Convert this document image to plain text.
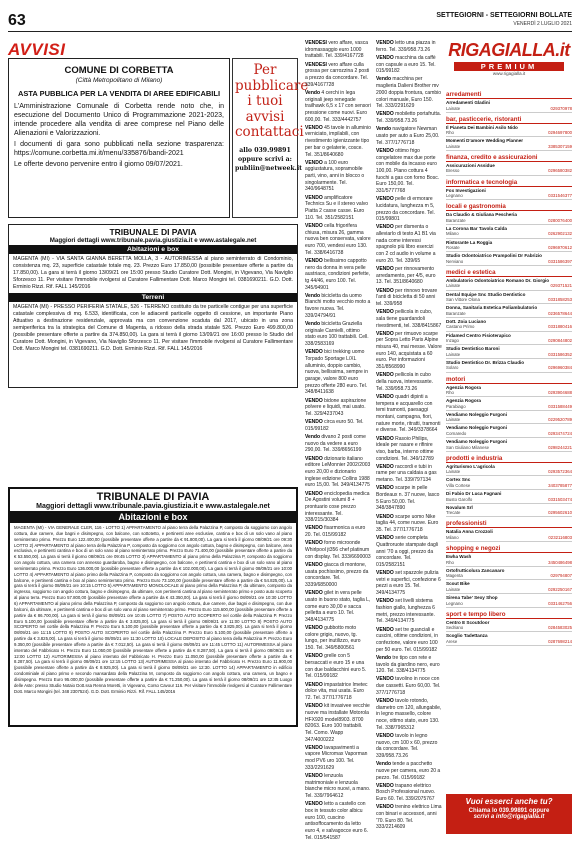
63	SETTEGIORNI - SETTEGIORNI BOLLATE
VENERDÌ 2 LUGLIO 2021
AVVISI
COMUNE DI CORBETTA
(Città Metropolitano di Milano)
ASTA PUBBLICA PER LA VENDITA DI AREE EDIFICABILI

L'Amministrazione Comunale di Corbetta rende noto che, in esecuzione del Documento Unico di Programmazione 2021-2023, intende procedere alla vendita di aree comprese nel Piano delle Alienazioni e Valorizzazioni.

I documenti di gara sono pubblicati nella sezione trasparenza: https://comune.corbetta.mi.it/menu/335876/bandi-2021

Le offerte devono pervenire entro il giorno 09/07/2021.

Per pubblicare i tuoi avvisi contattaci
allo 039.99891
oppure scrivi a:
publiin@netweek.it
TRIBUNALE DI PAVIA
Maggiori dettagli www.tribunale.pavia.giustizia.it e www.astalegale.net
Abitazioni e box
MAGENTA (MI) - VIA SANTA GIANNA BERETTA MOLLA, 3 - AUTORIMESSA al piano seminterrato di Condominio, consistenza mq. 23, superficie catastale totale mq. 23. Prezzo Euro 17.850,00 (possibile presentare offerte a partire da 17.850,00). La gara si terrà il giorno 13/09/21 ore 15:00 presso Studio Curatore Dott. Mongini, in Vigevano, Via Naviglio Sforzesco 11. Per visitare l'immobile rivolgersi al Curatore Fallimentare Dott. Marco Mongini tel. 0381690211. G.D. Dott. Erminio Rizzi. Rif. FALL 145/2016
Terreni
MAGENTA (MI) - PRESSO PERIFERIA STATALE, 526 - TERRENO costituito da tre particelle contigue per una superficie catastale complessiva di mq. 6.533, identificata, con le adiacenti particelle oggetto di cessione, un importante Piano Attuativo a destinazione residenziale, approvata ma con convenzione scaduta dal 2017, ubicato in una zona semiperiferica tra la strategica del Comune di Magenta, a ridosso della strada statale 526. Prezzo Euro 499.800,00 (possibile presentare offerte a partire da 374.850,00). La gara si terrà il giorno 13/09/21 ore 16:00 presso lo Studio del Curatore Dott. Mongini, in Vigevano, Via Naviglio Sforzesco 11. Per visitare l'immobile rivolgersi al Curatore Fallimentare Dott. Marco Mongini tel. 0381690211. G.D. Dott. Erminio Rizzi. Rif. FALL 145/2016
TRIBUNALE DI PAVIA
Maggiori dettagli www.tribunale.pavia.giustizia.it e www.astalegale.net
Abitazioni e box
MAGENTA (MI) - VIA GENERALE CLER, 116 - LOTTO 1) APPARTAMENTO al piano terra della Palazzina P, composto da soggiorno con angolo cottura, due camere, due bagni e disimpegno, con balcone, con sottotetto, e pertinenti aree esclusive, cantina e box di un solo vano al piano seminterrato primo. Prezzo Euro 122.400,00 (possibile presentare offerte a partire da € 91.800,00). La gara si terrà il giorno 08/09/21 ore 09:30 LOTTO 2) APPARTAMENTO al piano terra della Palazzina P, composto da soggiorno con angolo cottura, bagno e disimpegno, con balcone, area esclusiva, e pertinenti cantina e box di un solo vano al piano seminterrato primo. Prezzo Euro 71.400,00 (possibile presentare offerte a partire da € 53.550,00). La gara si terrà il giorno 08/09/21 ore 09:45 LOTTO 3) APPARTAMENTO al piano primo della Palazzina P, composto da soggiorno con angolo cottura, una camera con annesso guardaroba, bagno e disimpegno, con balcone, e pertinenti cantina e box di un solo vano al piano seminterrato primo. Prezzo Euro 136.000,00 (possibile presentare offerte a partire da € 102.000,00). La gara si terrà il giorno 08/09/21 ore 10:00 LOTTO 4) APPARTAMENTO al piano primo della Palazzina P, composto da soggiorno con angolo cottura, una camera, bagno e disimpegno, con balcone, e pertinenti cantina e box al piano seminterrato primo. Prezzo Euro 73.100,00 (possibile presentare offerte a partire da € 54.825,00). La gara si terrà il giorno 08/09/21 ore 10:15 LOTTO 5) APPARTAMENTO MONOLOCALE al piano primo della Palazzina P, da ultimare, composto da ingresso, soggiorno con angolo cottura, bagno e disimpegno, da ultimare, con pertinenti cantina al piano seminterrato primo e posto auto scoperto al piano terra. Prezzo Euro 57.800,00 (possibile presentare offerte a partire da € 43.350,00). La gara si terrà il giorno 08/09/21 ore 10:30 LOTTO 6) APPARTAMENTO al piano primo della Palazzina P, composto da soggiorno con angolo cottura, due camere, due bagni e disimpegno, con due balconi, da ultimare, e pertinenti cantina e box di un solo vano al piano seminterrato primo. Prezzo Euro 115.600,00 (possibile presentare offerte a partire da € 86.700,00). La gara si terrà il giorno 08/09/21 ore 10:45 LOTTO 7) POSTO AUTO SCOPERTO nel cortile della Palazzina P. Prezzo Euro 5.100,00 (possibile presentare offerte a partire da € 3.825,00). La gara si terrà il giorno 08/09/21 ore 11:00 LOTTO 8) POSTO AUTO SCOPERTO nel cortile della Palazzina P. Prezzo Euro 5.100,00 (possibile presentare offerte a partire da € 3.825,00). La gara si terrà il giorno 08/09/21 ore 11:15 LOTTO 9) POSTO AUTO SCOPERTO nel cortile della Palazzina P. Prezzo Euro 5.100,00 (possibile presentare offerte a partire da € 3.825,00). La gara si terrà il giorno 08/09/21 ore 11:30 LOTTO 10) LOCALE DEPOSITO al piano terra della Palazzina P. Prezzo Euro 9.350,00 (possibile presentare offerte a partire da € 7.012,50). La gara si terrà il giorno 08/09/21 ore 11:45 LOTTO 11) AUTORIMESSA al piano interrato del Fabbricato H. Prezzo Euro 11.050,00 (possibile presentare offerte a partire da € 8.287,50). La gara si terrà il giorno 08/09/21 ore 12:00 LOTTO 12) AUTORIMESSA al piano interrato del Fabbricato H. Prezzo Euro 11.050,00 (possibile presentare offerte a partire da € 8.287,50). La gara si terrà il giorno 08/09/21 ore 12:15 LOTTO 13) AUTORIMESSA al piano interrato del Fabbricato H. Prezzo Euro 11.900,00 (possibile presentare offerte a partire da € 8.925,00). La gara si terrà il giorno 08/09/21 ore 12:30. LOTTO 14) APPARTAMENTO in edificio condominiale al piano primo e secondo mansardato della Palazzina M, composto da soggiorno con angolo cottura, una camera, un bagno e disimpegno. Prezzo Euro 95.000,00 (possibile presentare offerte a partire da € 71.250,00). La gara si terrà il giorno 08/09/21 ore 12:45 Luogo delle Aste: presso Studio Notaio Dott.ssa Renna Moretti, in Vigevano, Corso Cavour 116. Per visitare l'immobile rivolgersi al Curatore Fallimentare Dott. Marco Mongini (tel. 348 2307524). G.D. Dott. Erminio Rizzi. Rif. FALL 145/2016

VENDESI vero affare, vasca idromassaggio euro 1000 trattabili. Tel. 339/4167728

VENDESI vero affare culla grossa per carrozzina 2 posti a prezzo da concordare. Tel. 339/4167728

Vendo 4 cerchi in lega originali jeep renegade trailhawk 6,5 x 17 con sensori pressione come nuovi. Euro 600,00. Tel. 333/4442757

VENDO 45 tavole in alluminio verniciato, impilabili, con rivestimento igienizzante tipo per bar o gelaterie, cosce. Tel. 351/8640680

VENDO a 100 euro aggiustatura, sopramobile parti, vino, anni in blocco o singolarmente. Tel. 340/9648751

VENDO amplificatore Technics Su e il stereo valvo Piatta 2 casse casse. Euro 110. Tel. 351/2582151

VENDO cella frigorifera chiusa, misura 26, gamma nuova ben conservata, valore euro 700, vendesi euro 130. Tel. 338/6416738

VENDO bellissimo cappotto nero da donna in vera pelle austriaco, condizioni perfette, tg 44/46, euro 100. Tel. 345/94901

Vendo bicicletta da uomo Bianchi motto vecchio moto a favore nuova. Tel. 339/24794/91

Vendo bicicletta Graziella originale Carnielli, ottimo stato euro 100 trattabili. Cell. 338/2583169

VENDO bici trekking uomo Torpado Sportage L/XL alluminio, doppio cambio, nuova, bellissima, sempre in garage, valore 800 euro prezzo offerte 280 euro. Tel. 348/8411638

VENDO bidone aspirazione polvere e liquidi, mai usato. Tel. 329/4237043

VENDO circa euro 50. Tel. 015/99182

Vendo divano 2 posti come nuovo da vedere a euro 290,00. Tel. 339/8656199

VENDO dizionario italiano editore LeMonnier 2002/2003 euro 20,00 e dizionario inglese edizione Collins 1988 euro 15,00. Tel. 349/4134775

VENDO enciclopedia medica De Agostini volumi 8 + prontuario cose prezzo interessante. Tel. 338/215/30384

VENDO fisarmonica a euro 20. Tel. 015/99182

VENDO forno microonde Whirlpool jt356 chef platinum con display. Tel. 333/6690003

VENDO giacca di montone, usata pochissimo, prezzo da concordare. Tel. 3339/6850000

VENDO gilet in vera pelle usato in buono stato, taglia L, come euro 30,00 e sacca pelletta a euro 10. Tel. 348/4134775

VENDO gubbotto moto colore grigio, nuovo, tg. lungo, per inutilizzo, euro 150. Tel. 349/5800561

VENDO grelle con 5 bersaccati e euro 15 e una con due baldacchini euro 5. Tel. 015/99182

VENDO impastatrice Imetec dolce vita, mai usata. Euro 72. Tel. 377/1776718

VENDO kit invasivee vecchie nuove ma installate Motorola HFX920 model8903. 8700 82063. Euro 100 trattabili. Tel. Como. Wapp 347/4000222

VENDO lavapavimenti a vapore Micromax Vaporman mod PV6 uro 100. Tel. 333/2291629

VENDO lenzuola matrimoniale e lenzuola bianche micro nuovi, a mano. Tel. 339/7964612

VENDO letto a castello con box in tessuto color albicu euro 100, cuscino antisoffocamento da letto euro 4, e salvagocce euro 6. Tel. 015/541587

VENDO letto una piazza in ferro. Tel. 339/958.73.26

VENDO macchina da caffè con capsule a euro 15. Tel. 015/99182

Vendo macchina per maglieria Dalieni Brother mv 2000 doppia frontura, cambio colori manuale, Euro 150. Tel. 333/2291629

VENDO mobiletto portafrutta. Tel. 339/958.73.26

Vendo navigatore Newman usato per auto a Euro 25,00. Tel. 377/1776718

VENDO ottimo frigo congelatore max due porte con mobile da incasso euro 100,00. Piano cottura 4 fuochi a gas con forno Bosc. Euro 150,00. Tel. 331/5777768

VENDO pelle di ermorare lucidatura, lunghezza m 5, prezzo da concordare. Tel. 015/99801

VENDO per dismenta o alleviarlo di testo A1 B1 via nada come interessi spagnolo più libro esercizi con 2 cd audio in volume a euro 20. Tel. 339/65

VENDO per rinnovamento arredamento, per 4/5, euro 13. Tel. 351/8640680

VENDO per rinnovo trovare l'anti di bicicletta di 50 anni tel. 339/958

VENDO pellicola in cubo, sala tiene guardandoli rivestimenti, tel. 338/8415867

VENDO per rimuovo scarpe per Sopra Letto Paris Alpine misura 40, mai messe. Valore euro 140, acquistata a 60 euro. Per informazioni 351/8568990

VENDO pellicola in cubo della nuova, interessante. Tel. 339/958.73.26

VENDO quadri dipinti a tempera e acquarello con temi tramonti, paesaggi montani, campagna, fiori, nature morte, ritratti, tramonti e diverse. Tel. 349/3378664

VENDO Rasoio Philips, ideale per rasare e rifinire viso, barba, interno ottime condizioni. Tel. 349/12789

VENDO raccordi e tubi in rame per una caldaia a gas metano. Tel. 339/797134

VENDO scarpe in pelle Bordeaux n. 37 nuove, lasco 5 Euro 50,00. Tel. 348/3847890

VENDO scarpe uomo Nike taglia 44, come nuove. Euro 35. Tel. 377/1776718

VENDO serie completa Quattroruote stampate dagli anni '70 a oggi, prezzo da concordare. Tel. 015/2582151

VENDO set spazzole pulizia vetri e superfici, confezione 6 pezzi a euro 15. Tel. 349/4134775

VENDO set livelli sistema fashion giallo, lunghezza 6 metri, prezzo interessante. Tel. 349/4134775

VENDO set tre guanciali e cuscini, ottime condizioni, in confezione, valore euro 100 per 50 euro. Tel. 015/99182

Vendo tre tipo con rete e tavolo da giardino nero, euro 120. Tel. 338/4134775

VENDO tavolino in noce con due cassetti. Euro 60,00. Tel. 377/1776718

VENDO tavolo rotondo, diametro cm 120, allungabile, in legno massello, colore noce, ottimo stato, euro 130. Tel. 338/7965312

VENDO tavolo in legno nuovo, cm 100 x 60, prezzo da concordare. Tel. 339/958.73.26

Vendo tende a pacchetto nuove per camera, euro 20 a pezzo. Tel. 015/99182

VENDO trapano elettrico Bosch Professional nuovo. Euro 60. Tel. 339/2075767

VENDO trenino elettrico Lima con binari e accessori, anni '70. Euro 80. Tel. 333/2214609

RIGAGIALLA.it
PREMIUM
www.rigagialla.it
arredamenti
Arredamenti Gladini
Lainate	029370978
bar, pasticcerie, ristoranti
Il Pianeta Dei Bambini Asilo Nido
Rho	0294697800
Momenti D'amore Wedding Planner
Lainate	3385307159
finanza, credito e assicurazioni
Assicurazioni Assidue
Bresso	0296580382
informatica e tecnologia
Fox Investigazioni
Legnano	0331546377
locali e gastronomia
Da Claudio & Giuliana Pescheria
Baranzate	0280076400
La Corona Bar Tavola Calda
Milano	0262902132
Ristorante La Roggia
Rosate	0296970612
Studio Odontoiatrico Prampolini Dr Fabrizio
Nerviano	0331586397
medici e estetica
Ambulatorio Odontoiatrico Romano Dr. Giorgio
Lainate	029371521
Dental Equipe Snc Studio Dentistico
San Vittore Olona	0331858253
Donna, Sanitaria Estetica Poliambulatorio
Baranzate	0236578644
Dott. Zoia Luciano
Castano Primo	0331880416
Fidamed Centro Fisioterapico
Inzago	0290844802
Studio Dentistico Baroni
Lainate	0331586352
Studio Dentistico Dr. Brizza Claudio
Solaro	0296960384
motori
Agenzia Rogora
Rho	0293904688
Agenzia Rogora
Parabiago	0331588449
Vendiamo Noleggio Furgoni
Lainate	0229520789
Vendiamo Noleggio Furgoni
Cornaredo	0293474724
Vendiamo Noleggio Furgoni
San Giuliano Milanese	0298244221
prodotti e industria
Agriturismo L'agricola
Lainate	0293572364
Cortex Snc
Villa Cortese	3403785877
Di Fabio Dr Luca Fagnani
Busto Garolfo	0331503474
Novalum Srl
Trecate	0295602610
professionisti
Natalia Anna Crozzoli
Milano	0232116803
shopping e negozi
Ewha Wash
Rho	3450486498
Ortofrutticolura Zancanaro
Magenta	029794807
Scout Bike
Lainate	0292250167
Sirena Tabe' Sexy Shop
Legnano	0331462756
sport e tempo libero
Centro E Scoutdoor
Sedriano	0284583025
Scoglio Tadettanza
Arese	0287698214
Vuoi esserci anche tu?
Chiama lo 039.99891 oppure
scrivi a info@rigagialla.it
